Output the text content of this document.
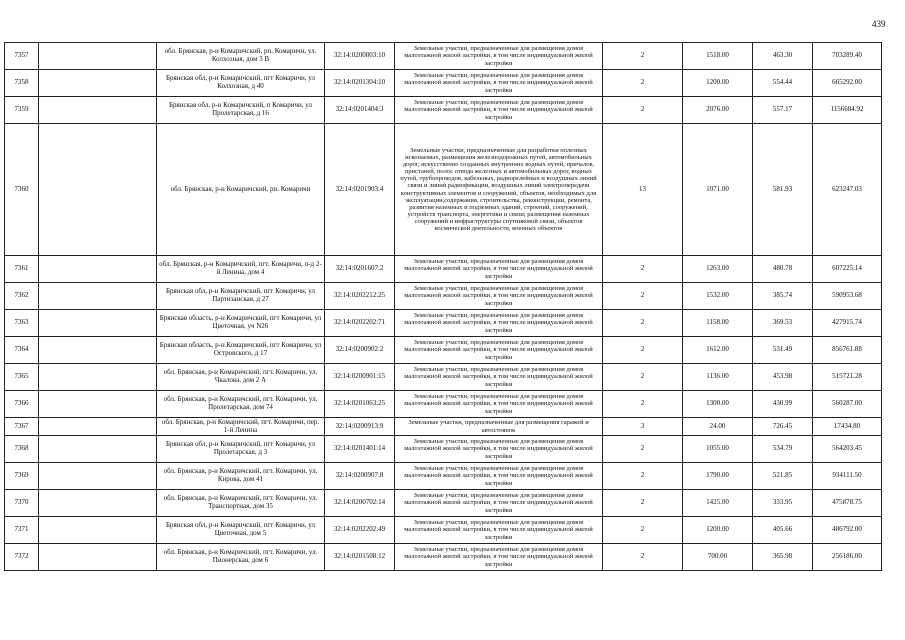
439
7357		обл. Брянская, р-н Комаричский, рп. Комаричи, ул. Колхозная, дом 3 В	32:14:0200803:10	Земельные участки, предназначенные для размещения домов малоэтажной жилой застройки, в том числе индивидуальной жилой застройки	2	1518.00	463.30	703289.40
7358		Брянская обл, р-н Комаричский, пгт Комаричи, ул Колхозная, д 40	32:14:0201304:10	Земельные участки, предназначенные для размещения домов малоэтажной жилой застройки, в том числе индивидуальной жилой застройки	2	1200.00	554.44	665292.00
7359		Брянская обл, р-н Комаричский, п Комаричи, ул Пролетарская, д 16	32:14:0201404:3	Земельные участки, предназначенные для размещения домов малоэтажной жилой застройки, в том числе индивидуальной жилой застройки	2	2076.00	557.17	1156684.92
7360		обл. Брянская, р-н Комаричский, рп. Комаричи	32:14:0201903:4	Земельные участки, предназначенные для разработки полезных ископаемых, размещения железнодорожных путей, автомобильных дорог, искусственно созданных внутренних водных путей, причалов, пристаней, полос отвода железных и автомобильных дорог, водных путей, трубопроводов, кабельных, радиорелейных и воздушных линий связи и линий радиофикации, воздушных линий электропередачи конструктивных элементов и сооружений, объектов, необходимых для эксплуатации,содержания, строительства, реконструкции, ремонта, развития наземных и подземных зданий, строений, сооружений, устройств транспорта, энергетики и связи; размещения наземных сооружений и инфраструктуры спутниковой связи, объектов космической деятельности, военных объектов	13	1071.00	581.93	623247.03
7361		обл. Брянская, р-н Комаричский, пгт. Комаричи, п-д 2-й Ленина, дом 4	32:14:0201607:2	Земельные участки, предназначенные для размещения домов малоэтажной жилой застройки, в том числе индивидуальной жилой застройки	2	1263.00	480.78	607225.14
7362		Брянская обл, р-н Комаричский, пгт Комаричи, ул Партизанская, д 27	32:14:0202212:25	Земельные участки, предназначенные для размещения домов малоэтажной жилой застройки, в том числе индивидуальной жилой застройки	2	1532.00	385.74	590953.68
7363		Брянская область, р-н Комаричский, пгт Комаричи, ул Цветочная, уч N26	32:14:0202202:71	Земельные участки, предназначенные для размещения домов малоэтажной жилой застройки, в том числе индивидуальной жилой застройки	2	1158.00	369.53	427915.74
7364		Брянская область, р-н Комаричский, пгт Комаричи, ул Островского, д 17	32:14:0200902:2	Земельные участки, предназначенные для размещения домов малоэтажной жилой застройки, в том числе индивидуальной жилой застройки	2	1612.00	531.49	856761.88
7365		обл. Брянская, р-н Комаричский, пгт. Комаричи, ул. Чкалова, дом 2 А	32:14:0200901:15	Земельные участки, предназначенные для размещения домов малоэтажной жилой застройки, в том числе индивидуальной жилой застройки	2	1136.00	453.98	515721.28
7366		обл. Брянская, р-н Комаричский, пгт. Комаричи, ул. Пролетарская, дом 74	32:14:0201063:25	Земельные участки, предназначенные для размещения домов малоэтажной жилой застройки, в том числе индивидуальной жилой застройки	2	1300.00	430.99	560287.00
7367		обл. Брянская, р-н Комаричский, пгт. Комаричи, пер. 1-й Ленина	32:14:0200913:9	Земельные участки, предназначенные для размещения гаражей и автостоянок	3	24.00	726.45	17434.80
7368		Брянская обл, р-н Комаричский, пгт Комаричи, ул Пролетарская, д 3	32:14:0201401:14	Земельные участки, предназначенные для размещения домов малоэтажной жилой застройки, в том числе индивидуальной жилой застройки	2	1055.00	534.79	564203.45
7369		обл. Брянская, р-н Комаричский, пгт. Комаричи, ул. Кирова, дом 41	32:14:0200907:8	Земельные участки, предназначенные для размещения домов малоэтажной жилой застройки, в том числе индивидуальной жилой застройки	2	1790.00	521.85	934111.50
7370		обл. Брянская, р-н Комаричский, пгт. Комаричи, ул. Транспортная, дом 35	32:14:0200702:14	Земельные участки, предназначенные для размещения домов малоэтажной жилой застройки, в том числе индивидуальной жилой застройки	2	1425.00	333.95	475878.75
7371		Брянская обл, р-н Комаричский, пгт Комаричи, ул Цветочная, дом 5	32:14:0202202:49	Земельные участки, предназначенные для размещения домов малоэтажной жилой застройки, в том числе индивидуальной жилой застройки	2	1200.00	405.66	486792.00
7372		обл. Брянская, р-н Комаричский, пгт. Комаричи, ул. Пионерская, дом 6	32:14:0201508:12	Земельные участки, предназначенные для размещения домов малоэтажной жилой застройки, в том числе индивидуальной жилой застройки	2	700.00	365.98	256186.00
